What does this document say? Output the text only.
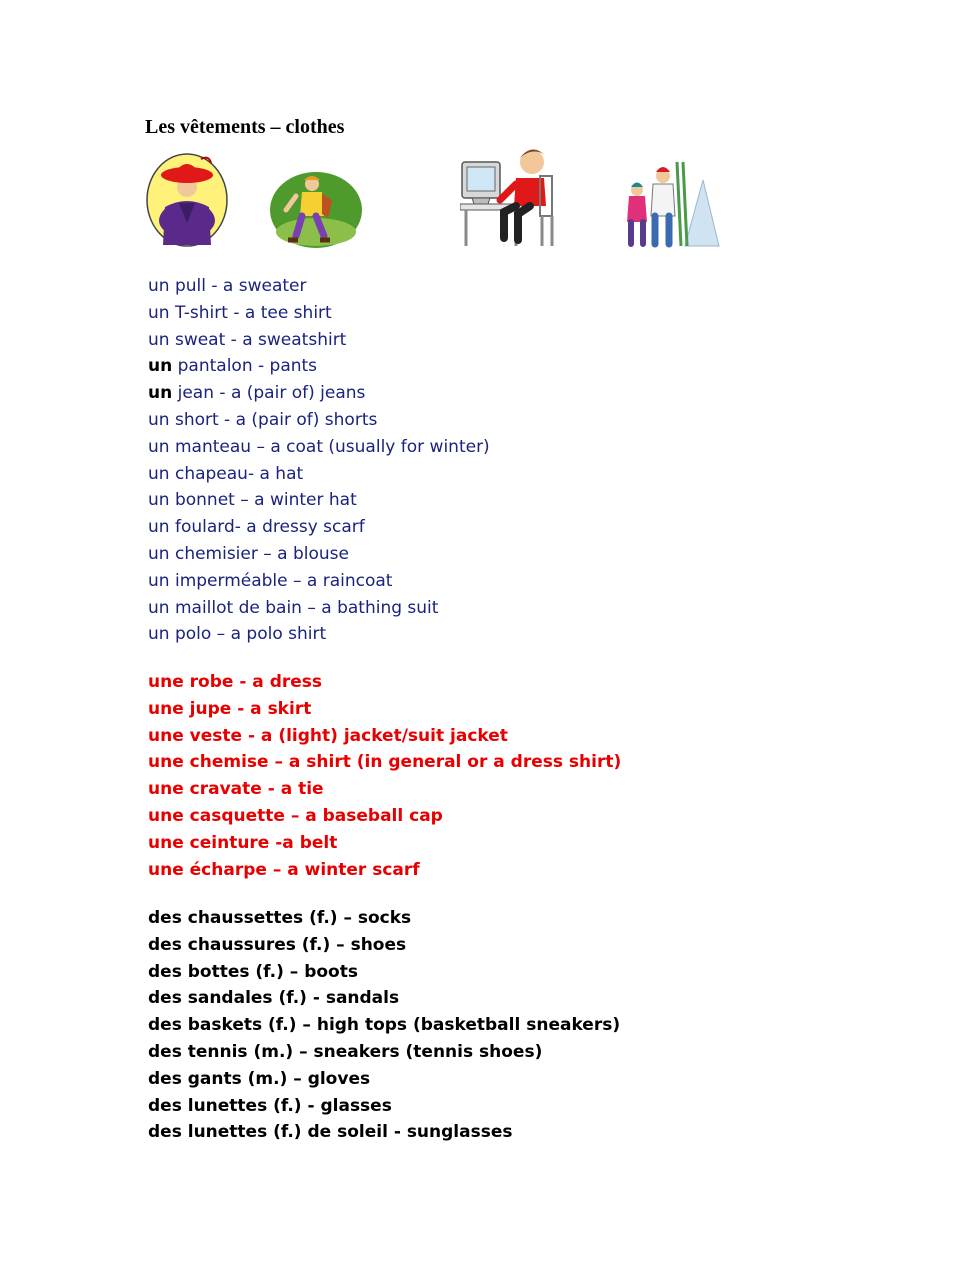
Les vêtements – clothes
un pull - a sweater
un T-shirt - a tee shirt
un sweat - a sweatshirt
un pantalon - pants
un jean - a (pair of) jeans
un short - a (pair of) shorts
un manteau – a coat (usually for winter)
un chapeau- a hat
un bonnet – a winter hat
un foulard- a dressy scarf
un chemisier – a blouse
un imperméable – a raincoat
un maillot de bain – a bathing suit
un polo – a polo shirt
une robe - a dress
une jupe - a skirt
une veste - a (light) jacket/suit jacket
une chemise – a shirt (in general or a dress shirt)
une cravate - a tie
une casquette – a baseball cap
une ceinture -a belt
une écharpe – a winter scarf
des chaussettes (f.) – socks
des chaussures (f.) – shoes
des bottes (f.) – boots
des sandales (f.) - sandals
des baskets (f.) – high tops (basketball sneakers)
des tennis (m.) – sneakers (tennis shoes)
des gants (m.) – gloves
des lunettes (f.) - glasses
des lunettes (f.) de soleil - sunglasses
